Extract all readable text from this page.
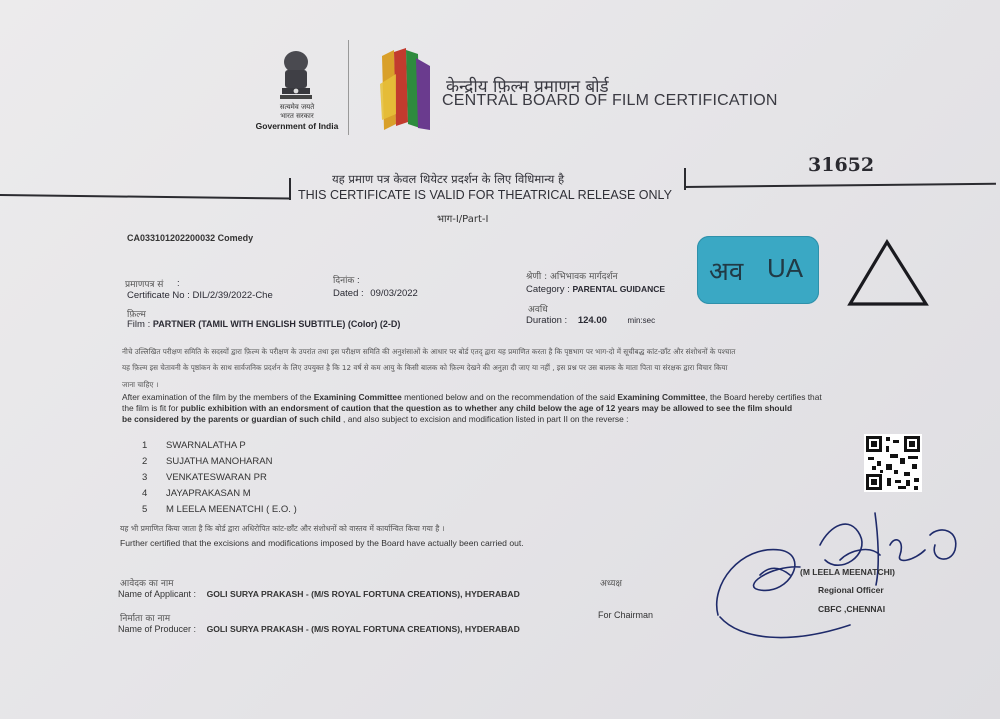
सत्यमेव जयते
भारत सरकार
Government of India
केन्द्रीय फ़िल्म प्रमाणन बोर्ड
CENTRAL BOARD OF FILM CERTIFICATION
31652
यह प्रमाण पत्र केवल थियेटर प्रदर्शन के लिए विधिमान्य है
THIS CERTIFICATE IS VALID FOR THEATRICAL RELEASE ONLY
भाग-I/Part-I
CA033101202200032 Comedy
प्रमाणपत्र सं :
Certificate No : DIL/2/39/2022-Che
दिनांक :
Dated : 09/03/2022
श्रेणी : अभिभावक मार्गदर्शन
Category : PARENTAL GUIDANCE
फ़िल्म
Film : PARTNER (TAMIL WITH ENGLISH SUBTITLE) (Color) (2-D)
अवधि
Duration : 124.00	min:sec
अव UA
नीचे उल्लिखित परीक्षण समिति के सदस्यों द्वारा फ़िल्म के परीक्षण के उपरांत तथा इस परीक्षण समिति की अनुशंसाओं के आधार पर बोर्ड एतद् द्वारा यह प्रमाणित करता है कि पृष्ठभाग पर भाग-दो में सूचीबद्ध कांट-छाँट और संशोधनों के पश्चात
यह फ़िल्म इस चेतावनी के पृष्ठांकन के साथ सार्वजनिक प्रदर्शन के लिए उपयुक्त है कि 12 वर्ष से कम आयु के किसी बालक को फ़िल्म देखने की अनुज्ञा दी जाए या नहीं , इस प्रश्न पर उस बालक के माता पिता या संरक्षक द्वारा विचार किया
जाना चाहिए ।
After examination of the film by the members of the Examining Committee mentioned below and on the recommendation of the said Examining Committee, the Board hereby certifies that
the film is fit for public exhibition with an endorsment of caution that the question as to whether any child below the age of 12 years may be allowed to see the film should
be considered by the parents or guardian of such child , and also subject to excision and modification listed in part II on the reverse :
1 SWARNALATHA P
2 SUJATHA MANOHARAN
3 VENKATESWARAN PR
4 JAYAPRAKASAN M
5 M LEELA MEENATCHI ( E.O. )
यह भी प्रमाणित किया जाता है कि बोर्ड द्वारा अधिरोपित कांट-छाँट और संशोधनों को वास्तव में कार्यान्वित किया गया है ।
Further certified that the excisions and modifications imposed by the Board have actually been carried out.
आवेदक का नाम
Name of Applicant : GOLI SURYA PRAKASH - (M/S ROYAL FORTUNA CREATIONS), HYDERABAD
अध्यक्ष
निर्माता का नाम
Name of Producer : GOLI SURYA PRAKASH - (M/S ROYAL FORTUNA CREATIONS), HYDERABAD
For Chairman
(M LEELA MEENATCHI)
Regional Officer
CBFC ,CHENNAI
